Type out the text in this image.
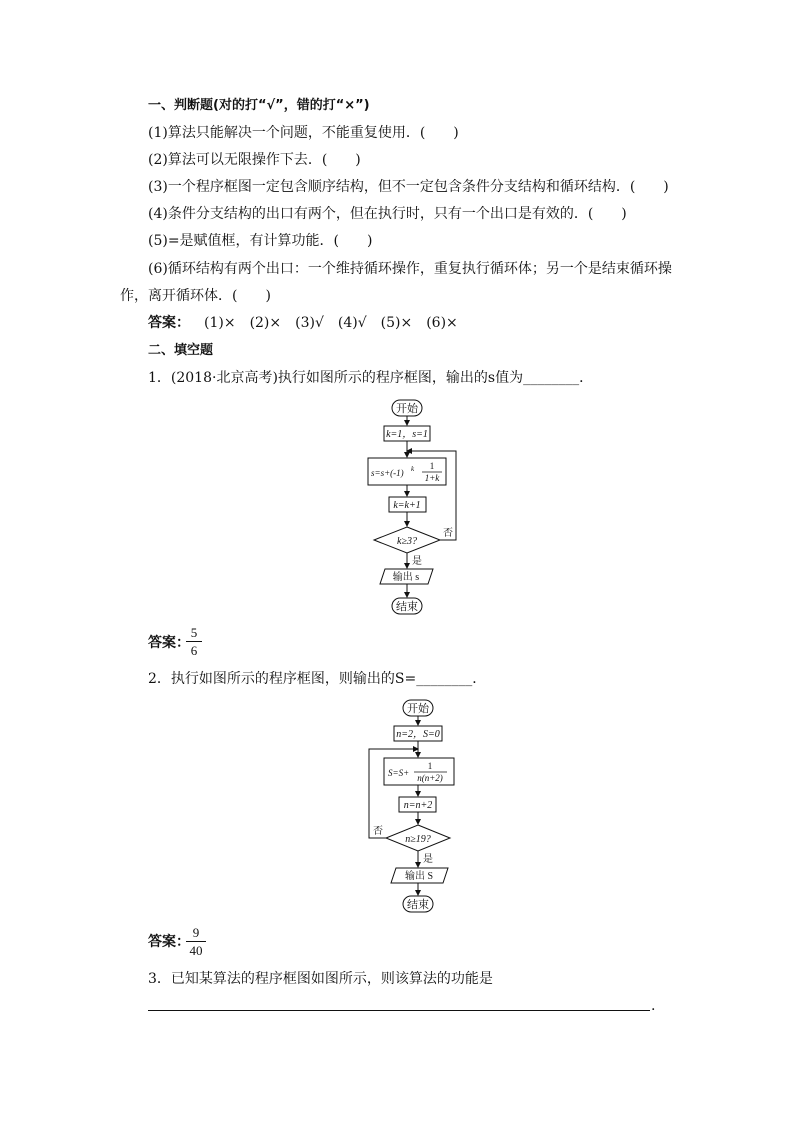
一、判断题(对的打“√”，错的打“×”)
(1)算法只能解决一个问题，不能重复使用．(　　)
(2)算法可以无限操作下去．(　　)
(3)一个程序框图一定包含顺序结构，但不一定包含条件分支结构和循环结构．(　　)
(4)条件分支结构的出口有两个，但在执行时，只有一个出口是有效的．(　　)
(5)=是赋值框，有计算功能．(　　)
(6)循环结构有两个出口：一个维持循环操作，重复执行循环体；另一个是结束循环操
作，离开循环体．(　　)
答案： (1)× (2)× (3)√ (4)√ (5)× (6)×
二、填空题
1．(2018·北京高考)执行如图所示的程序框图，输出的s值为________．
开始
k=1，s=1
s=s+(-1) k 1
1+k
k=k+1
k≥3?
是
否
输出 s
结束
答案：
$\frac{5}{6}$
2．执行如图所示的程序框图，则输出的S=________．
开始
n=2，S=0
S=S+
1
n(n+2)
n=n+2
n≥19?
是
否
输出 S
结束
答案：
$\frac{9}{40}$
3．已知某算法的程序框图如图所示，则该算法的功能是
.
